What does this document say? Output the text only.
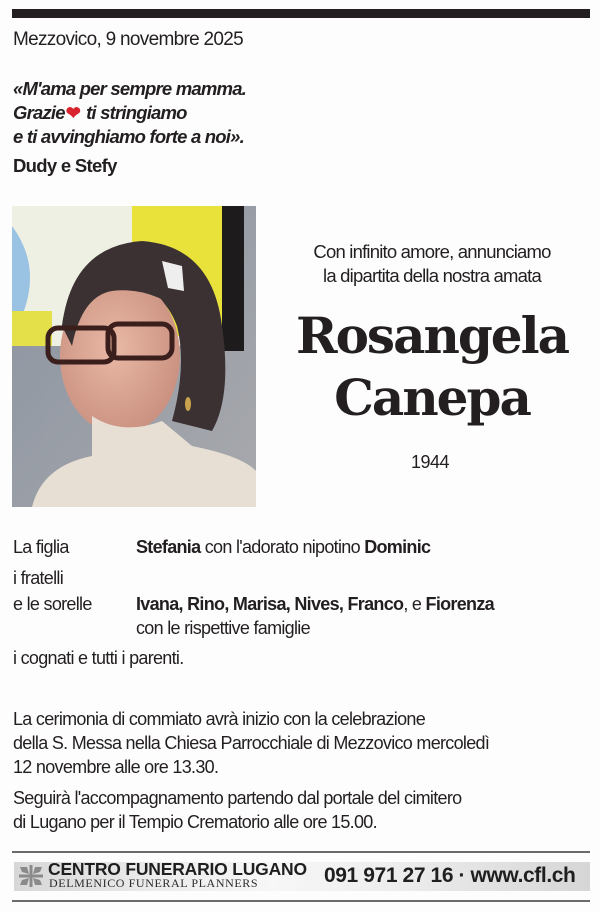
Mezzovico, 9 novembre 2025
«M'ama per sempre mamma.
Grazie❤ ti stringiamo
e ti avvinghiamo forte a noi».
Dudy e Stefy
Con infinito amore, annunciamo
la dipartita della nostra amata
Rosangela
Canepa
1944
La figlia	Stefania con l'adorato nipotino Dominic
i fratelli
e le sorelle Ivana, Rino, Marisa, Nives, Franco, e Fiorenza
con le rispettive famiglie
i cognati e tutti i parenti.

La cerimonia di commiato avrà inizio con la celebrazione
della S. Messa nella Chiesa Parrocchiale di Mezzovico mercoledì
12 novembre alle ore 13.30.

Seguirà l'accompagnamento partendo dal portale del cimitero
di Lugano per il Tempio Crematorio alle ore 15.00.

CENTRO FUNERARIO LUGANO
DELMENICO FUNERAL PLANNERS	091 971 27 16 · www.cfl.ch
